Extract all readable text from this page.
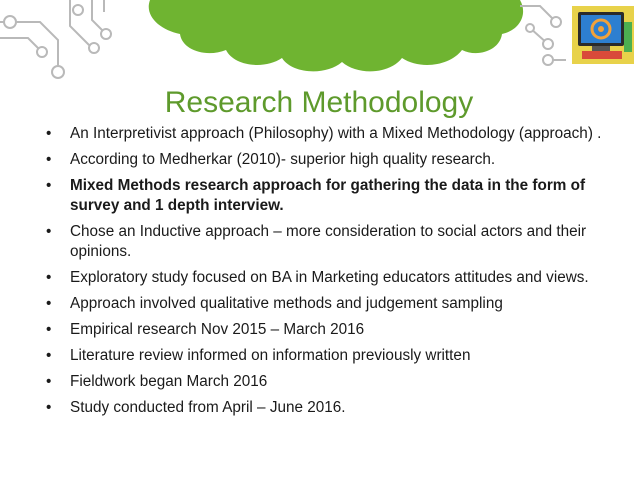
Research Methodology
• An Interpretivist approach (Philosophy) with a Mixed Methodology (approach) .
• According to Medherkar (2010)- superior high quality research.
• Mixed Methods research approach for gathering the data in the form of survey and 1 depth interview.
• Chose an Inductive approach – more consideration to social actors and their opinions.
• Exploratory study focused on BA in Marketing educators attitudes and views.
• Approach involved qualitative methods and judgement sampling
• Empirical research Nov 2015 – March 2016
• Literature review informed on information previously written
• Fieldwork began March 2016
• Study conducted from April – June 2016.
